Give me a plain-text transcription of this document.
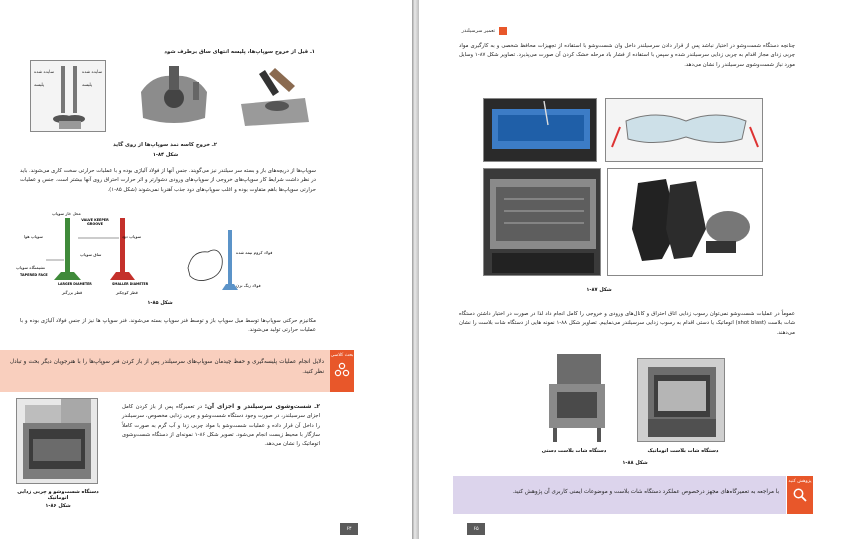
۱ـ قبل از خروج سوپاپ‌ها، پلیسه انتهای ساق برطرف شود
سایده شده
پلیسه
سایده شده
پلیسه
۲ـ خروج کاسه نمد سوپاپ‌ها از روی گاید
شکل ۸۴-۱
سوپاپ‌ها از دریچه‌های باز و بسته سر سیلندر نیز می‌گویند. جنس آنها از فولاد آلیاژی بوده و با عملیات حرارتی سخت کاری می‌شوند. باید در نظر داشت شرایط کار سوپاپ‌های خروجی از سوپاپ‌های ورودی دشوارتر و اثر حرارت احتراق روی آنها بیشتر است. جنس و عملیات حرارتی سوپاپ‌ها باهم متفاوت بوده و اغلب سوپاپ‌های دود جذب آهنربا نمی‌شوند (شکل ۸۵-۱).
محل خار سوپاپ
VALVE KEEPER GROOVE
سوپاپ دود
سوپاپ هوا
ساق سوپاپ
نشیمنگاه سوپاپ
TAPERED FACE
LARGER DIAMETER	SMALLER DIAMETER
قطر بزرگتر	قطر کوچکتر
فولاد کروم نیمه شده
فولاد زنگ نزن
شکل ۸۵-۱
مکانیزم حرکتی سوپاپ‌ها توسط میل سوپاپ باز و توسط فنر سوپاپ بسته می‌شوند. فنر سوپاپ ها نیز از جنس فولاد آلیاژی بوده و با عملیات حرارتی تولید می‌شوند.
بحث کلاسی
دلایل انجام عملیات پلیسه‌گیری و حفظ چیدمان سوپاپ‌های سرسیلندر پس از باز کردن فنر سوپاپ‌ها را با هنرجویان دیگر بحث و تبادل نظر کنید.
۲ـ شست‌وشوی سرسیلندر و اجزای آن: در تعمیرگاه پس از باز کردن کامل اجزای سرسیلندر، در صورت وجود دستگاه شست‌وشو و چربی زدایی مخصوص، سرسیلندر را داخل آن قرار داده و عملیات شست‌وشو با مواد چربی زدا و آب گرم به صورت کاملاً سازگار با محیط زیست انجام می‌شود. تصویر شکل ۸۶-۱ نمونه‌ای از دستگاه شست‌وشوی اتوماتیک را نشان می‌دهد.
دستگاه شست‌وشو و چربی زدایی اتوماتیک
شکل ۸۶-۱
۶۴
تعمیر سرسیلندر
چنانچه دستگاه شست‌وشو در اختیار نباشد پس از قرار دادن سرسیلندر داخل وان شست‌وشو با استفاده از تجهیزات محافظ شخصی و به کارگیری مواد چربی زدای مجاز اقدام به چربی زدایی سرسیلندر شده و سپس با استفاده از فشار باد مرحله خشک کردن آن صورت می‌پذیرد. تصاویر شکل ۸۷-۱ وسایل مورد نیاز شست‌وشوی سرسیلندر را نشان می‌دهد.
شکل ۸۷-۱
عموماً در عملیات شست‌وشو نمی‌توان رسوب زدایی اتاق احتراق و کانال‌های ورودی و خروجی را کامل انجام داد لذا در صورت در اختیار داشتن دستگاه شات بلاست (shot blast) اتوماتیک یا دستی اقدام به رسوب زدایی سرسیلندر می‌نماییم. تصاویر شکل ۸۸-۱ نمونه هایی از دستگاه شات بلاست را نشان می‌دهند.
دستگاه شات بلاست دستی	دستگاه شات بلاست اتوماتیک
شکل ۸۸-۱
پژوهش کنید
با مراجعه به تعمیرگاه‌های مجهز درخصوص عملکرد دستگاه شات بلاست و موضوعات ایمنی کاربری آن پژوهش کنید.
۶۵
